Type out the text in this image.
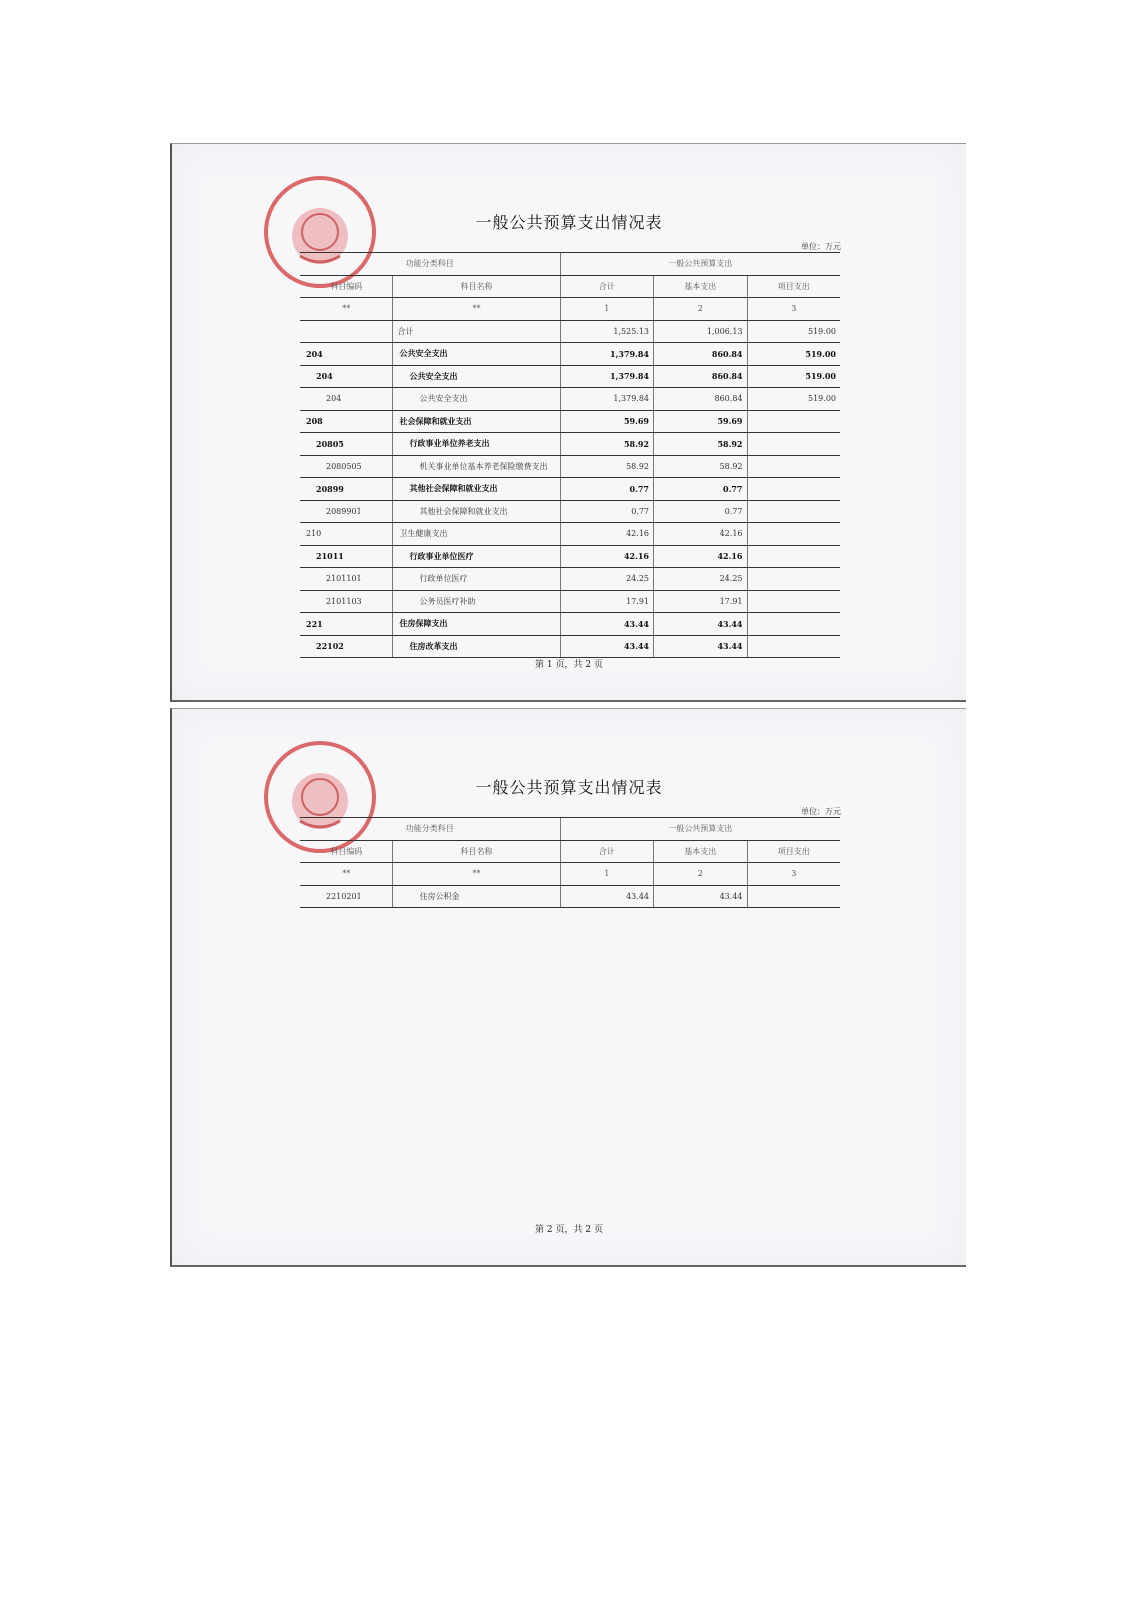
一般公共预算支出情况表
单位：万元
功能分类科目		一般公共预算支出		
科目编码	科目名称	合计	基本支出	项目支出
**	**	1	2	3
	合计	1,525.13	1,006.13	519.00
204	公共安全支出	1,379.84	860.84	519.00
204	公共安全支出	1,379.84	860.84	519.00
204	公共安全支出	1,379.84	860.84	519.00
208	社会保障和就业支出	59.69	59.69	
20805	行政事业单位养老支出	58.92	58.92	
2080505	机关事业单位基本养老保险缴费支出	58.92	58.92	
20899	其他社会保障和就业支出	0.77	0.77	
2089901	其他社会保障和就业支出	0.77	0.77	
210	卫生健康支出	42.16	42.16	
21011	行政事业单位医疗	42.16	42.16	
2101101	行政单位医疗	24.25	24.25	
2101103	公务员医疗补助	17.91	17.91	
221	住房保障支出	43.44	43.44	
22102	住房改革支出	43.44	43.44	
第 1 页，共 2 页
一般公共预算支出情况表
单位：万元
功能分类科目		一般公共预算支出		
科目编码	科目名称	合计	基本支出	项目支出
**	**	1	2	3
2210201	住房公积金	43.44	43.44	
第 2 页，共 2 页
